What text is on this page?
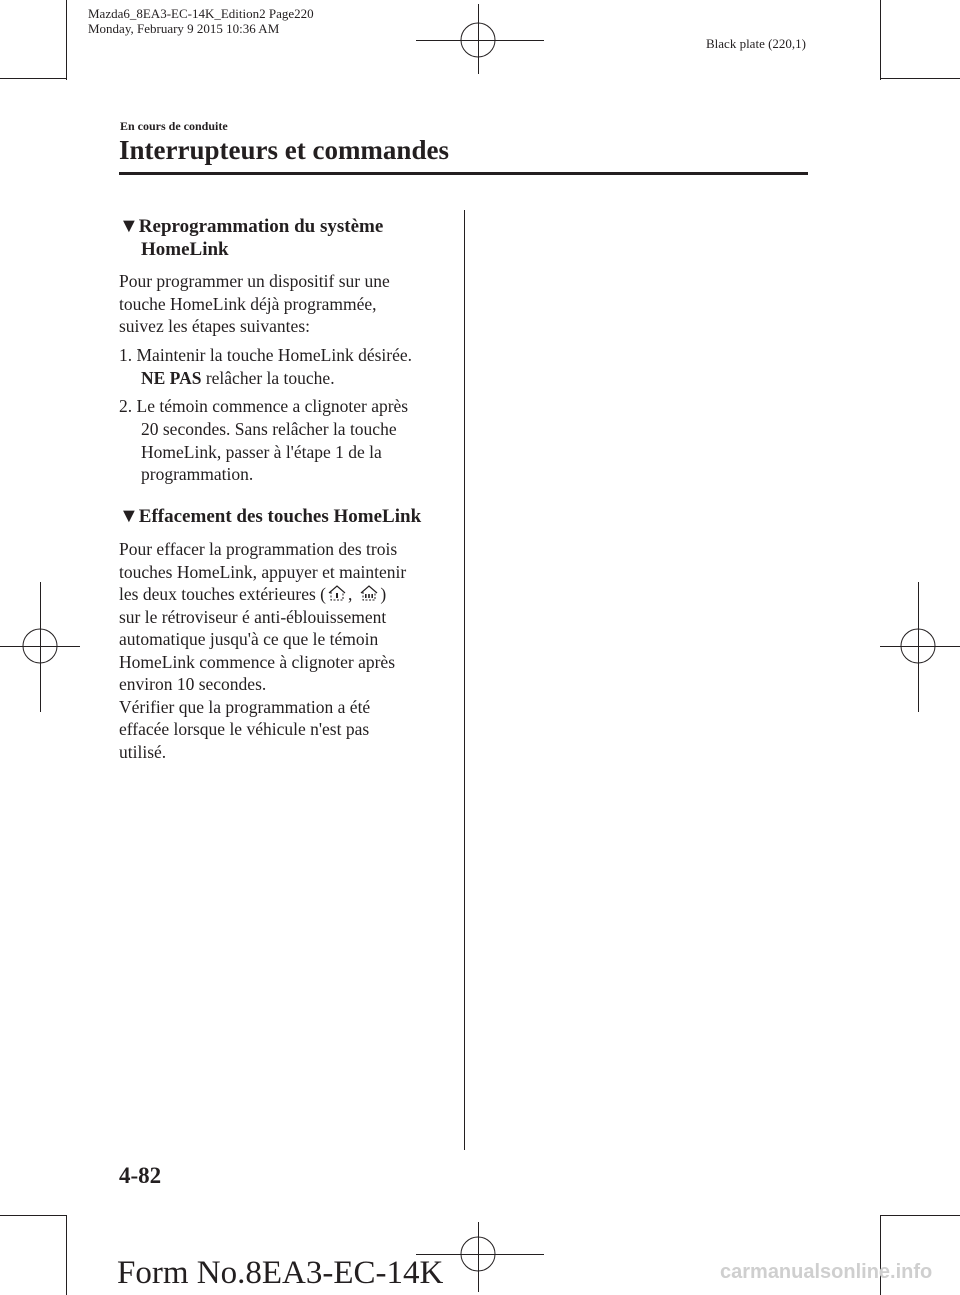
Mazda6_8EA3-EC-14K_Edition2 Page220
Monday, February 9 2015 10:36 AM
Black plate (220,1)
En cours de conduite
Interrupteurs et commandes
▼Reprogrammation du système
HomeLink
Pour programmer un dispositif sur une
touche HomeLink déjà programmée,
suivez les étapes suivantes:
1. Maintenir la touche HomeLink désirée.
NE PAS relâcher la touche.
2. Le témoin commence a clignoter après
20 secondes. Sans relâcher la touche
HomeLink, passer à l'étape 1 de la
programmation.
▼Effacement des touches HomeLink
Pour effacer la programmation des trois
touches HomeLink, appuyer et maintenir
les deux touches extérieures ( , )
sur le rétroviseur é anti-éblouissement
automatique jusqu'à ce que le témoin
HomeLink commence à clignoter après
environ 10 secondes.
Vérifier que la programmation a été
effacée lorsque le véhicule n'est pas
utilisé.
4-82
Form No.8EA3-EC-14K	carmanualsonline.info
